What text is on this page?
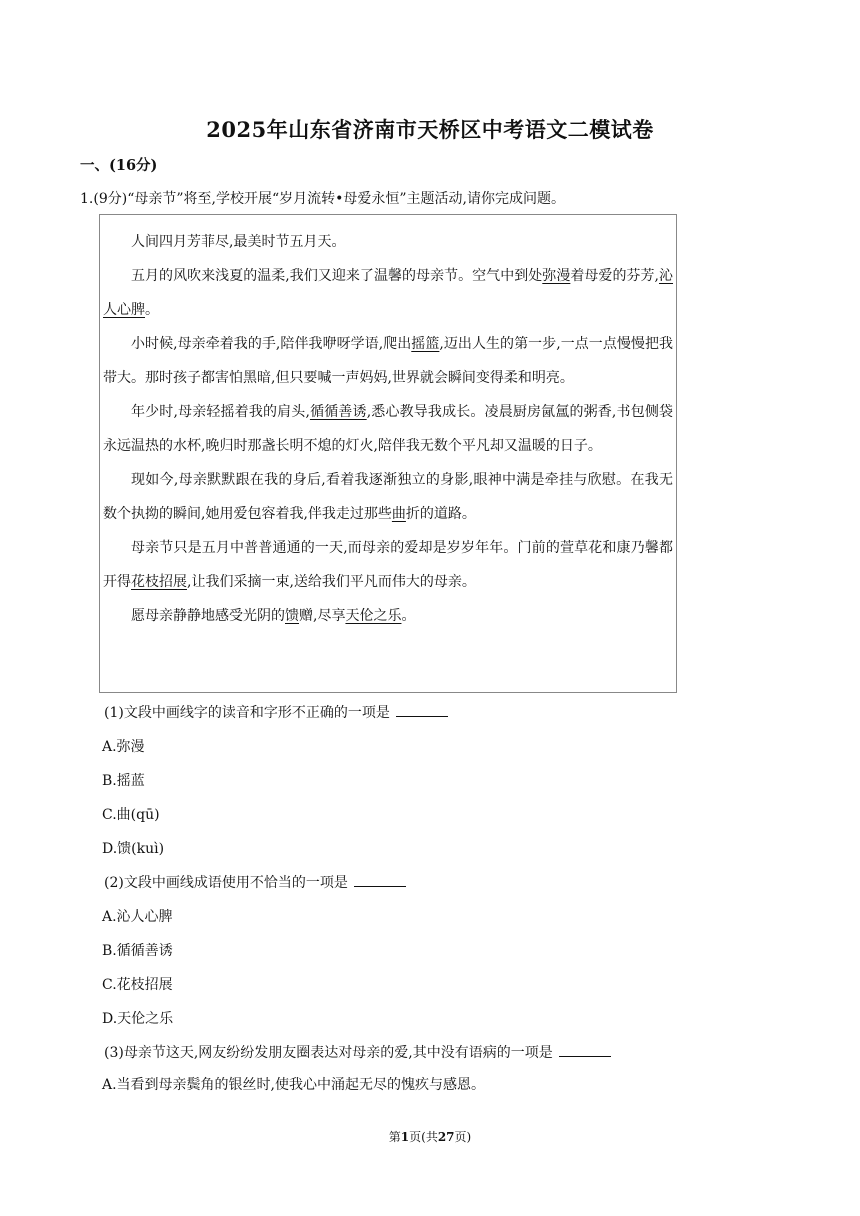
2025年山东省济南市天桥区中考语文二模试卷
一、(16分)
1.(9分)“母亲节”将至,学校开展“岁月流转•母爱永恒”主题活动,请你完成问题。

人间四月芳菲尽,最美时节五月天。

五月的风吹来浅夏的温柔,我们又迎来了温馨的母亲节。空气中到处弥漫着母爱的芬芳,沁人心脾。

小时候,母亲牵着我的手,陪伴我咿呀学语,爬出摇篮,迈出人生的第一步,一点一点慢慢把我带大。那时孩子都害怕黑暗,但只要喊一声妈妈,世界就会瞬间变得柔和明亮。

年少时,母亲轻摇着我的肩头,循循善诱,悉心教导我成长。凌晨厨房氤氲的粥香,书包侧袋永远温热的水杯,晚归时那盏长明不熄的灯火,陪伴我无数个平凡却又温暖的日子。

现如今,母亲默默跟在我的身后,看着我逐渐独立的身影,眼神中满是牵挂与欣慰。在我无数个执拗的瞬间,她用爱包容着我,伴我走过那些曲折的道路。

母亲节只是五月中普普通通的一天,而母亲的爱却是岁岁年年。门前的萱草花和康乃馨都开得花枝招展,让我们采摘一束,送给我们平凡而伟大的母亲。

愿母亲静静地感受光阴的馈赠,尽享天伦之乐。

(1)文段中画线字的读音和字形不正确的一项是
A.弥漫
B.摇蓝
C.曲(qū)
D.馈(kuì)
(2)文段中画线成语使用不恰当的一项是
A.沁人心脾
B.循循善诱
C.花枝招展
D.天伦之乐
(3)母亲节这天,网友纷纷发朋友圈表达对母亲的爱,其中没有语病的一项是
A.当看到母亲鬓角的银丝时,使我心中涌起无尽的愧疚与感恩。
第1页(共27页)
